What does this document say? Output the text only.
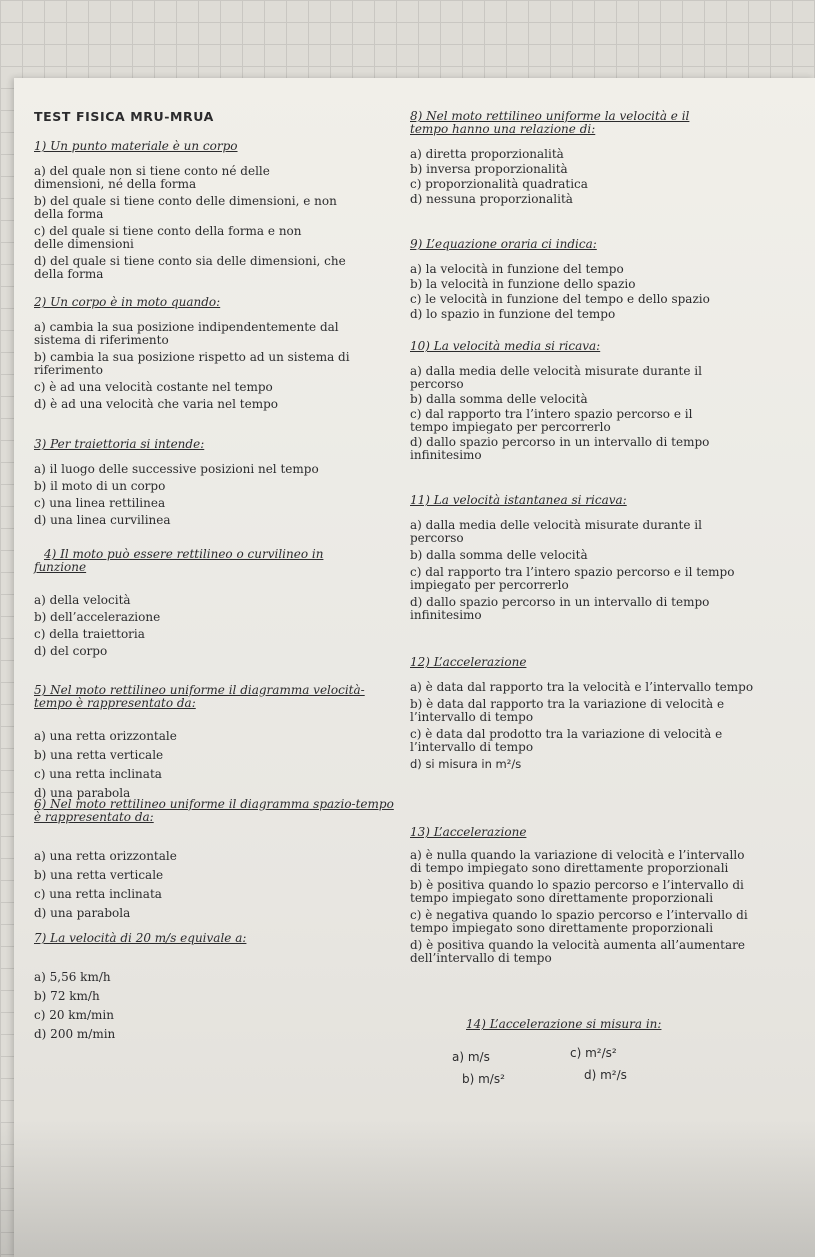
TEST FISICA MRU-MRUA

1) Un punto materiale è un corpo

a) del quale non si tiene conto né delle dimensioni, né della forma

b) del quale si tiene conto delle dimensioni, e non della forma

c) del quale si tiene conto della forma e non delle dimensioni

d) del quale si tiene conto sia delle dimensioni, che della forma

2) Un corpo è in moto quando:

a) cambia la sua posizione indipendentemente dal sistema di riferimento

b) cambia la sua posizione rispetto ad un sistema di riferimento

c) è ad una velocità costante nel tempo

d) è ad una velocità che varia nel tempo

3) Per traiettoria si intende:

a) il luogo delle successive posizioni nel tempo

b) il moto di un corpo

c) una linea rettilinea

d) una linea curvilinea

4) Il moto può essere rettilineo o curvilineo in funzione

a) della velocità

b) dell’accelerazione

c) della traiettoria

d) del corpo

5) Nel moto rettilineo uniforme il diagramma velocità-tempo è rappresentato da:

a) una retta orizzontale

b) una retta verticale

c) una retta inclinata

d) una parabola

6) Nel moto rettilineo uniforme il diagramma spazio-tempo è rappresentato da:

a) una retta orizzontale

b) una retta verticale

c) una retta inclinata

d) una parabola

7) La velocità di 20 m/s equivale a:

a) 5,56 km/h

b) 72 km/h

c) 20 km/min

d) 200 m/min

8) Nel moto rettilineo uniforme la velocità e il tempo hanno una relazione di:

a) diretta proporzionalità

b) inversa proporzionalità

c) proporzionalità quadratica

d) nessuna proporzionalità

9) L’equazione oraria ci indica:

a) la velocità in funzione del tempo

b) la velocità in funzione dello spazio

c) le velocità in funzione del tempo e dello spazio

d) lo spazio in funzione del tempo

10) La velocità media si ricava:

a) dalla media delle velocità misurate durante il percorso

b) dalla somma delle velocità

c) dal rapporto tra l’intero spazio percorso e il tempo impiegato per percorrerlo

d) dallo spazio percorso in un intervallo di tempo infinitesimo

11) La velocità istantanea si ricava:

a) dalla media delle velocità misurate durante il percorso

b) dalla somma delle velocità

c) dal rapporto tra l’intero spazio percorso e il tempo impiegato per percorrerlo

d) dallo spazio percorso in un intervallo di tempo infinitesimo

12) L’accelerazione

a) è data dal rapporto tra la velocità e l’intervallo tempo

b) è data dal rapporto tra la variazione di velocità e l’intervallo di tempo

c) è data dal prodotto tra la variazione di velocità e l’intervallo di tempo

d) si misura in m²/s

13) L’accelerazione

a) è nulla quando la variazione di velocità e l’intervallo di tempo impiegato sono direttamente proporzionali

b) è positiva quando lo spazio percorso e l’intervallo di tempo impiegato sono direttamente proporzionali

c) è negativa quando lo spazio percorso e l’intervallo di tempo impiegato sono direttamente proporzionali

d) è positiva quando la velocità aumenta all’aumentare dell’intervallo di tempo

14) L’accelerazione si misura in:

a) m/s
b) m/s²
c) m²/s²
d) m²/s
